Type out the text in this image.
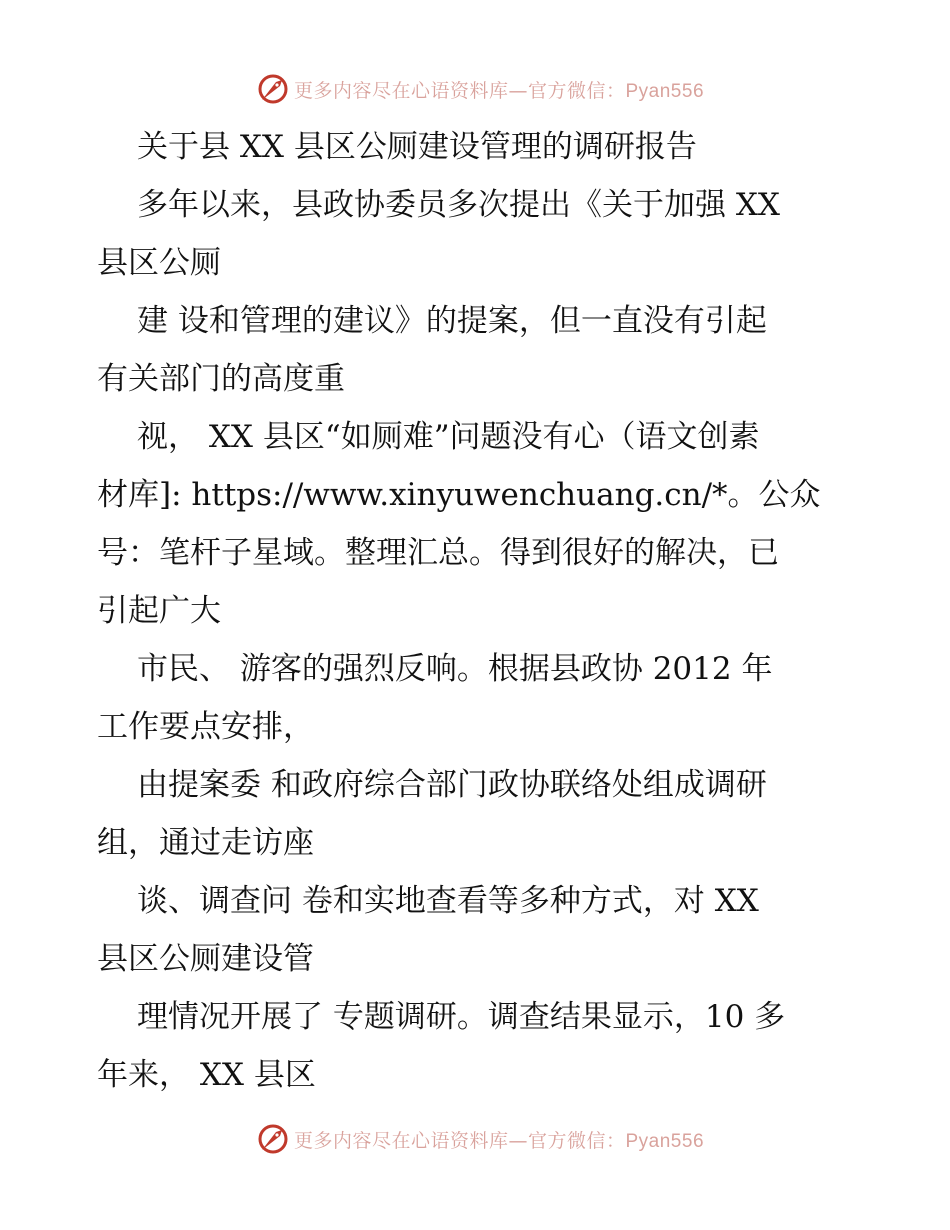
更多内容尽在心语资料库—官方微信：Pyan556
关于县 XX 县区公厕建设管理的调研报告
多年以来，县政协委员多次提出《关于加强 XX
县区公厕
建 设和管理的建议》的提案，但一直没有引起
有关部门的高度重
视， XX 县区“如厕难”问题没有心（语文创素
材库]: https://www.xinyuwenchuang.cn/*。公众
号：笔杆子星域。整理汇总。得到很好的解决，已
引起广大
市民、 游客的强烈反响。根据县政协 2012 年
工作要点安排，
由提案委 和政府综合部门政协联络处组成调研
组，通过走访座
谈、调查问 卷和实地查看等多种方式，对 XX
县区公厕建设管
理情况开展了 专题调研。调查结果显示，10 多
年来， XX 县区
更多内容尽在心语资料库—官方微信：Pyan556
